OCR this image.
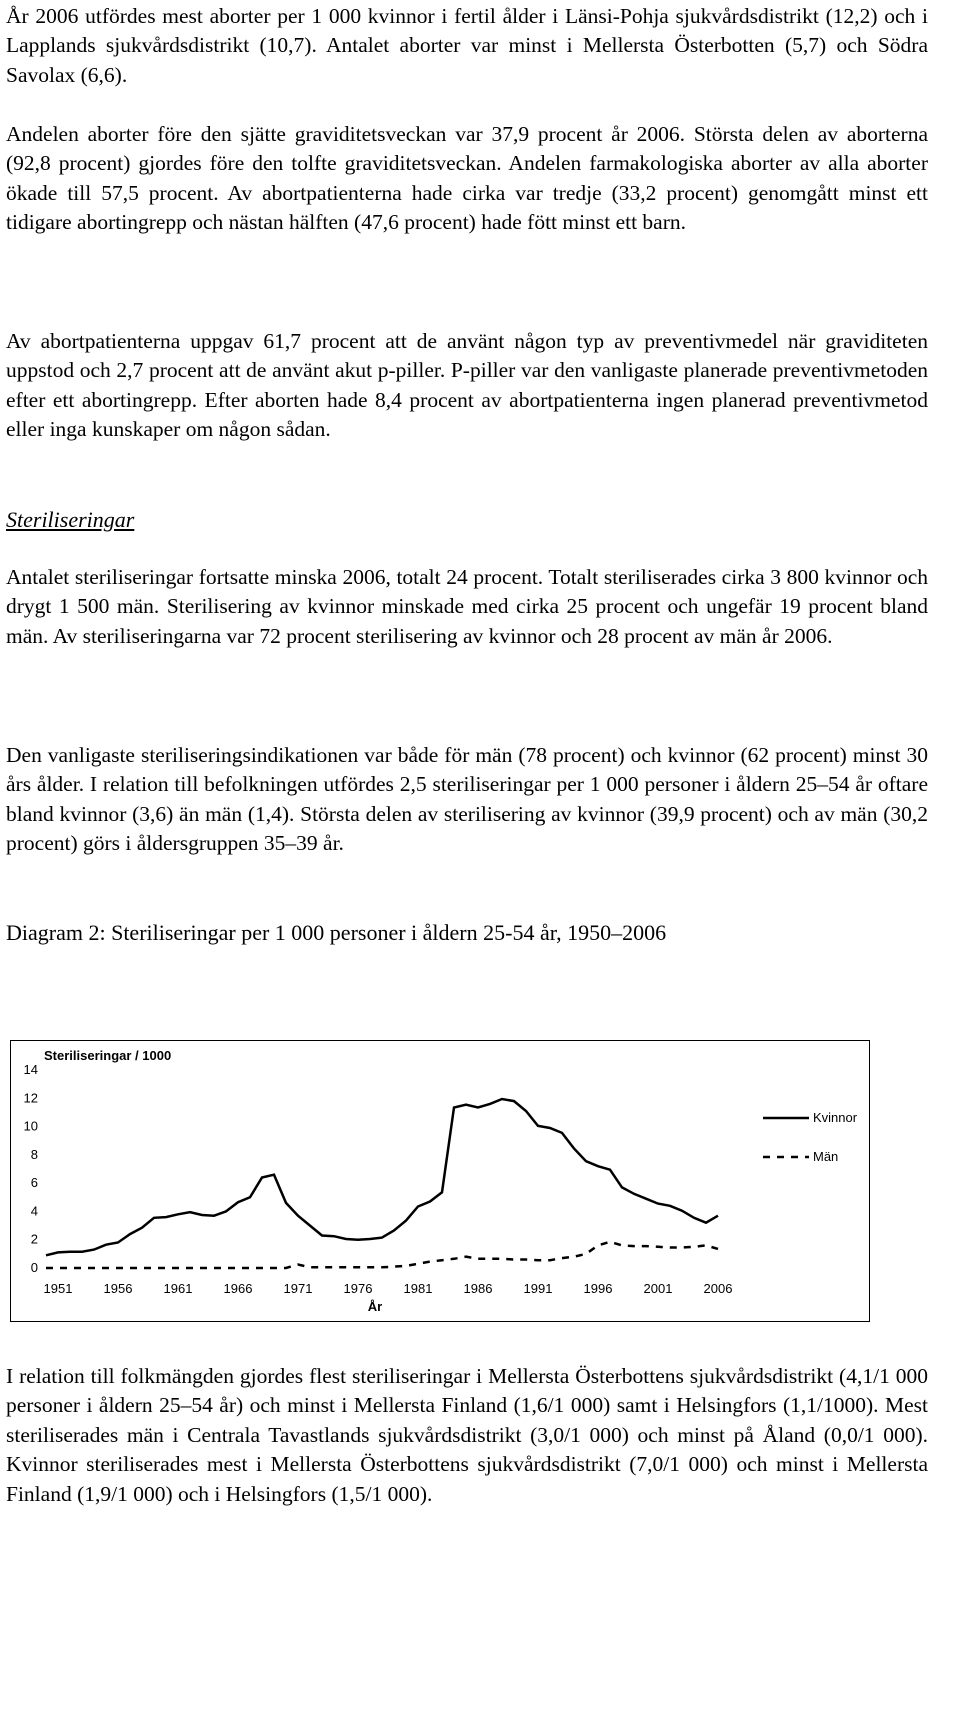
År 2006 utfördes mest aborter per 1 000 kvinnor i fertil ålder i Länsi-Pohja sjukvårdsdistrikt (12,2) och i Lapplands sjukvårdsdistrikt (10,7). Antalet aborter var minst i Mellersta Österbotten (5,7) och Södra Savolax (6,6).

Andelen aborter före den sjätte graviditetsveckan var 37,9 procent år 2006. Största delen av aborterna (92,8 procent) gjordes före den tolfte graviditetsveckan. Andelen farmakologiska aborter av alla aborter ökade till 57,5 procent. Av abortpatienterna hade cirka var tredje (33,2 procent) genomgått minst ett tidigare abortingrepp och nästan hälften (47,6 procent) hade fött minst ett barn.

Av abortpatienterna uppgav 61,7 procent att de använt någon typ av preventivmedel när graviditeten uppstod och 2,7 procent att de använt akut p-piller. P-piller var den vanligaste planerade preventivmetoden efter ett abortingrepp. Efter aborten hade 8,4 procent av abortpatienterna ingen planerad preventivmetod eller inga kunskaper om någon sådan.

Steriliseringar

Antalet steriliseringar fortsatte minska 2006, totalt 24 procent. Totalt steriliserades cirka 3 800 kvinnor och drygt 1 500 män. Sterilisering av kvinnor minskade med cirka 25 procent och ungefär 19 procent bland män. Av steriliseringarna var 72 procent sterilisering av kvinnor och 28 procent av män år 2006.

Den vanligaste steriliseringsindikationen var både för män (78 procent) och kvinnor (62 procent) minst 30 års ålder. I relation till befolkningen utfördes 2,5 steriliseringar per 1 000 personer i åldern 25–54 år oftare bland kvinnor (3,6) än män (1,4). Största delen av sterilisering av kvinnor (39,9 procent) och av män (30,2 procent) görs i åldersgruppen 35–39 år.

Diagram 2: Steriliseringar per 1 000 personer i åldern 25-54 år, 1950–2006

I relation till folkmängden gjordes flest steriliseringar i Mellersta Österbottens sjukvårdsdistrikt (4,1/1 000 personer i åldern 25–54 år) och minst i Mellersta Finland (1,6/1 000) samt i Helsingfors (1,1/1000). Mest steriliserades män i Centrala Tavastlands sjukvårdsdistrikt (3,0/1 000) och minst på Åland (0,0/1 000). Kvinnor steriliserades mest i Mellersta Österbottens sjukvårdsdistrikt (7,0/1 000) och minst i Mellersta Finland (1,9/1 000) och i Helsingfors (1,5/1 000).

Steriliseringar / 1000
0
2
4
6
8
10
12
14
1951 1956 1961 1966 1971 1976 1981 1986 1991 1996 2001 2006
År
Kvinnor
Män
